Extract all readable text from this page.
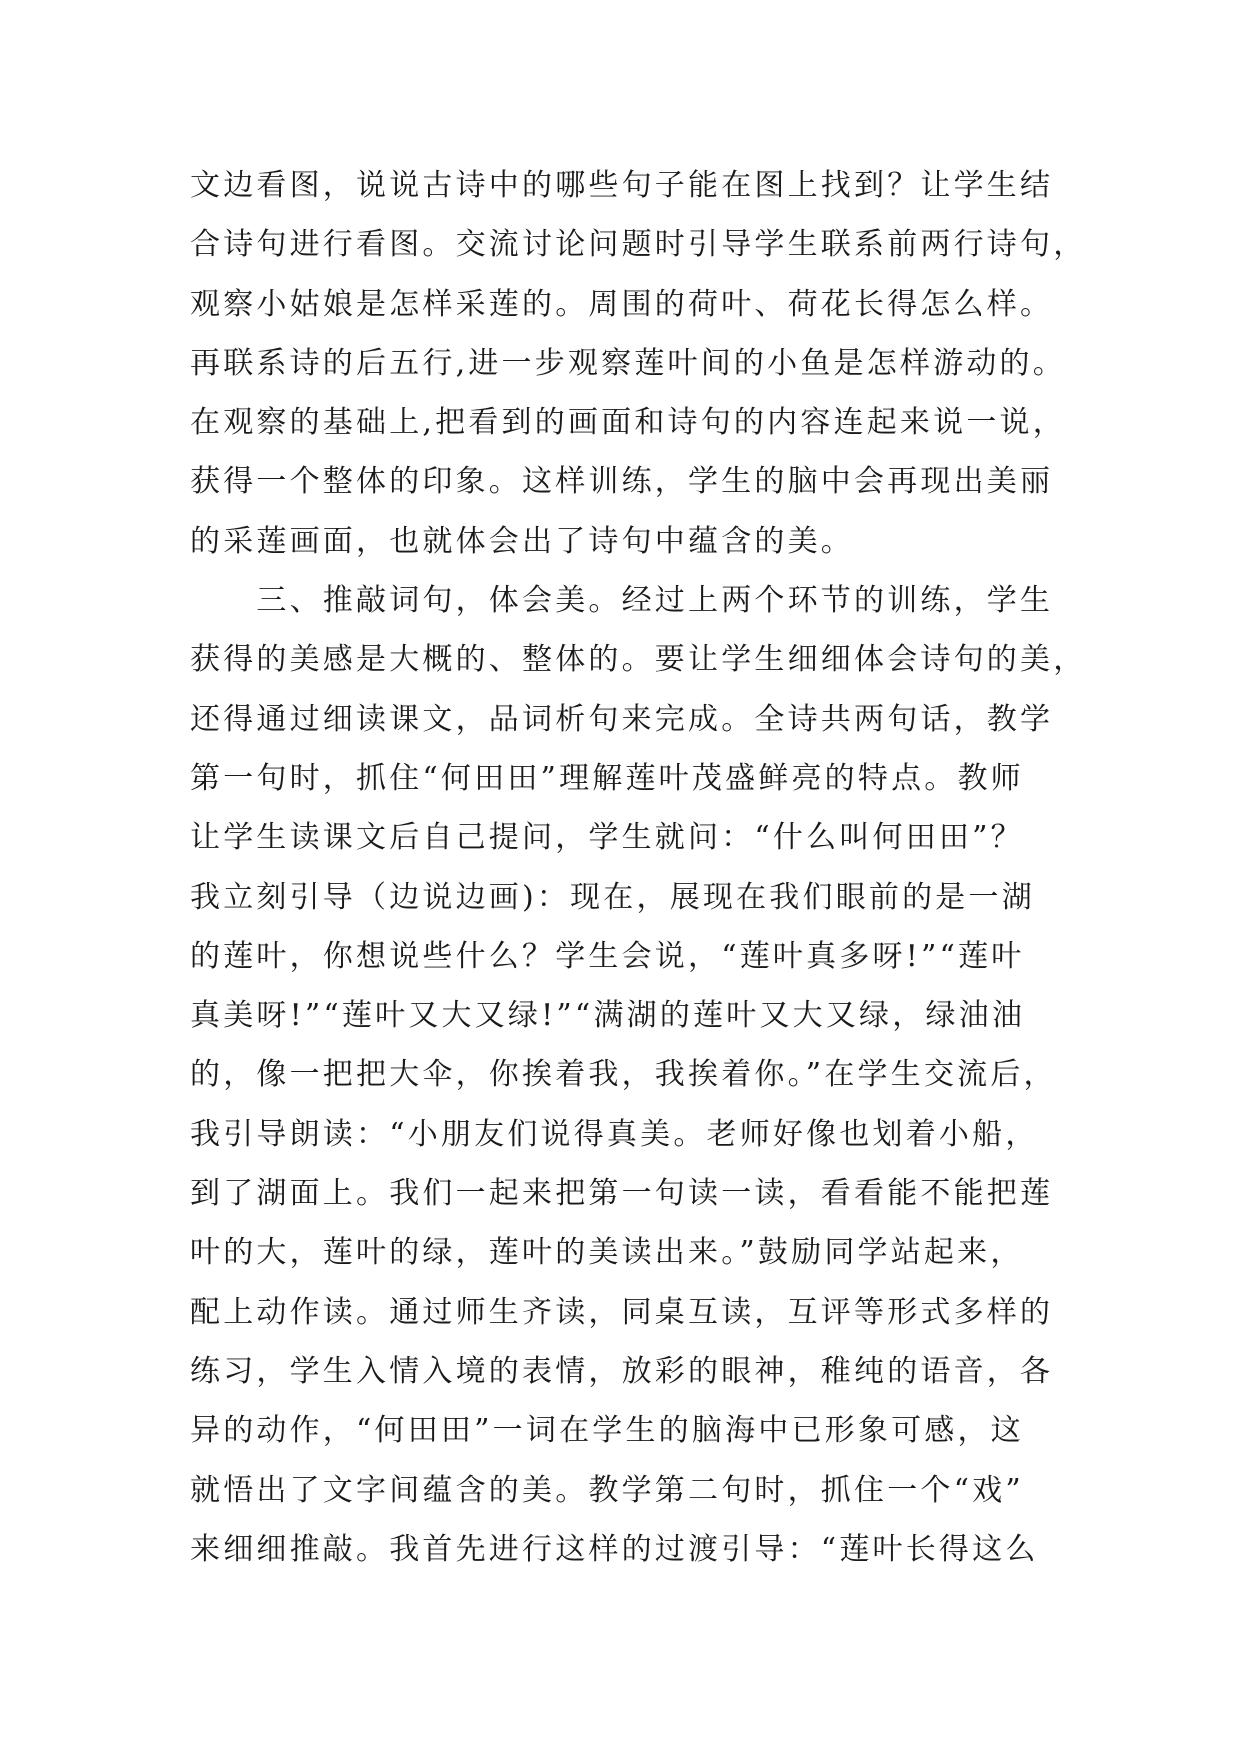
文边看图，说说古诗中的哪些句子能在图上找到？让学生结
合诗句进行看图。交流讨论问题时引导学生联系前两行诗句，
观察小姑娘是怎样采莲的。周围的荷叶、荷花长得怎么样。
再联系诗的后五行,进一步观察莲叶间的小鱼是怎样游动的。
在观察的基础上,把看到的画面和诗句的内容连起来说一说，
获得一个整体的印象。这样训练，学生的脑中会再现出美丽
的采莲画面，也就体会出了诗句中蕴含的美。
　　三、推敲词句，体会美。经过上两个环节的训练，学生
获得的美感是大概的、整体的。要让学生细细体会诗句的美，
还得通过细读课文，品词析句来完成。全诗共两句话，教学
第一句时，抓住“何田田”理解莲叶茂盛鲜亮的特点。教师
让学生读课文后自己提问，学生就问：“什么叫何田田”？
我立刻引导（边说边画)：现在，展现在我们眼前的是一湖
的莲叶，你想说些什么？学生会说，“莲叶真多呀!”“莲叶
真美呀!”“莲叶又大又绿!”“满湖的莲叶又大又绿，绿油油
的，像一把把大伞，你挨着我，我挨着你。”在学生交流后，
我引导朗读：“小朋友们说得真美。老师好像也划着小船，
到了湖面上。我们一起来把第一句读一读，看看能不能把莲
叶的大，莲叶的绿，莲叶的美读出来。”鼓励同学站起来，
配上动作读。通过师生齐读，同桌互读，互评等形式多样的
练习，学生入情入境的表情，放彩的眼神，稚纯的语音，各
异的动作，“何田田”一词在学生的脑海中已形象可感，这
就悟出了文字间蕴含的美。教学第二句时，抓住一个“戏”
来细细推敲。我首先进行这样的过渡引导：“莲叶长得这么
